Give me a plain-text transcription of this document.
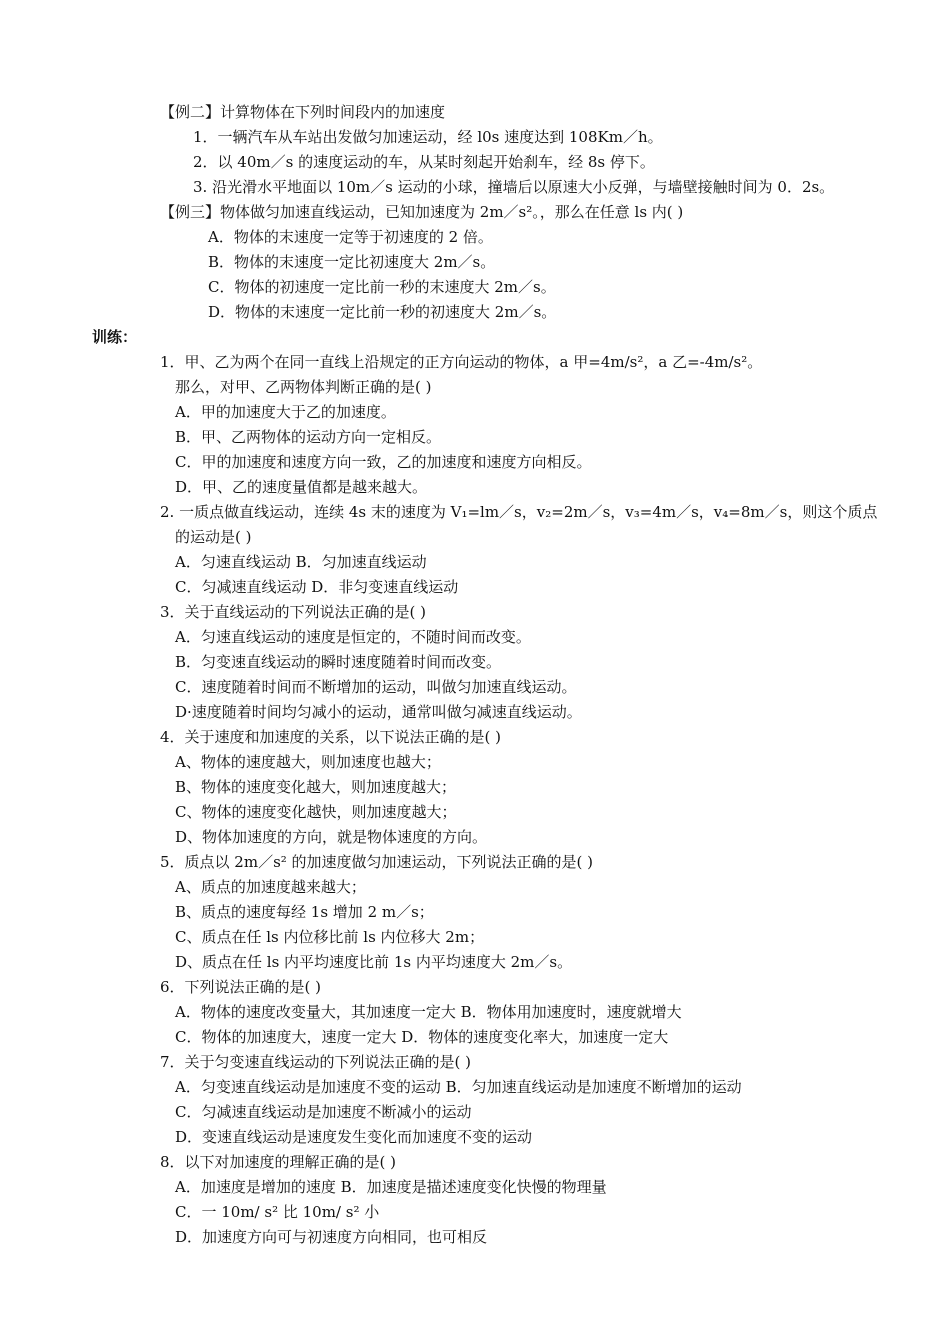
【例二】计算物体在下列时间段内的加速度
1．一辆汽车从车站出发做匀加速运动，经 l0s 速度达到 108Km／h。
2．以 40m／s 的速度运动的车，从某时刻起开始刹车，经 8s 停下。
3. 沿光滑水平地面以 10m／s 运动的小球，撞墙后以原速大小反弹，与墙壁接触时间为 0．2s。
【例三】物体做匀加速直线运动，已知加速度为 2m／s²。，那么在任意 ls 内( )
A．物体的末速度一定等于初速度的 2 倍。
B．物体的末速度一定比初速度大 2m／s。
C．物体的初速度一定比前一秒的末速度大 2m／s。
D．物体的末速度一定比前一秒的初速度大 2m／s。
训练：
1．甲、乙为两个在同一直线上沿规定的正方向运动的物体，a 甲=4m/s²，a 乙=-4m/s²。
那么，对甲、乙两物体判断正确的是( )
A．甲的加速度大于乙的加速度。
B．甲、乙两物体的运动方向一定相反。
C．甲的加速度和速度方向一致，乙的加速度和速度方向相反。
D．甲、乙的速度量值都是越来越大。
2. 一质点做直线运动，连续 4s 末的速度为 V₁=lm／s，v₂=2m／s，v₃=4m／s，v₄=8m／s，则这个质点
的运动是( )
A．匀速直线运动 B．匀加速直线运动
C．匀减速直线运动 D．非匀变速直线运动
3．关于直线运动的下列说法正确的是( )
A．匀速直线运动的速度是恒定的，不随时间而改变。
B．匀变速直线运动的瞬时速度随着时间而改变。
C．速度随着时间而不断增加的运动，叫做匀加速直线运动。
D·速度随着时间均匀减小的运动，通常叫做匀减速直线运动。
4．关于速度和加速度的关系，以下说法正确的是( )
A、物体的速度越大，则加速度也越大；
B、物体的速度变化越大，则加速度越大；
C、物体的速度变化越快，则加速度越大；
D、物体加速度的方向，就是物体速度的方向。
5．质点以 2m／s² 的加速度做匀加速运动，下列说法正确的是( )
A、质点的加速度越来越大；
B、质点的速度每经 1s 增加 2 m／s；
C、质点在任 ls 内位移比前 ls 内位移大 2m；
D、质点在任 ls 内平均速度比前 1s 内平均速度大 2m／s。
6．下列说法正确的是( )
A．物体的速度改变量大，其加速度一定大 B．物体用加速度时，速度就增大
C．物体的加速度大，速度一定大 D．物体的速度变化率大，加速度一定大
7．关于匀变速直线运动的下列说法正确的是( )
A．匀变速直线运动是加速度不变的运动 B．匀加速直线运动是加速度不断增加的运动
C．匀减速直线运动是加速度不断减小的运动
D．变速直线运动是速度发生变化而加速度不变的运动
8．以下对加速度的理解正确的是( )
A．加速度是增加的速度 B．加速度是描述速度变化快慢的物理量
C．一 10m/ s² 比 10m/ s² 小
D．加速度方向可与初速度方向相同，也可相反
